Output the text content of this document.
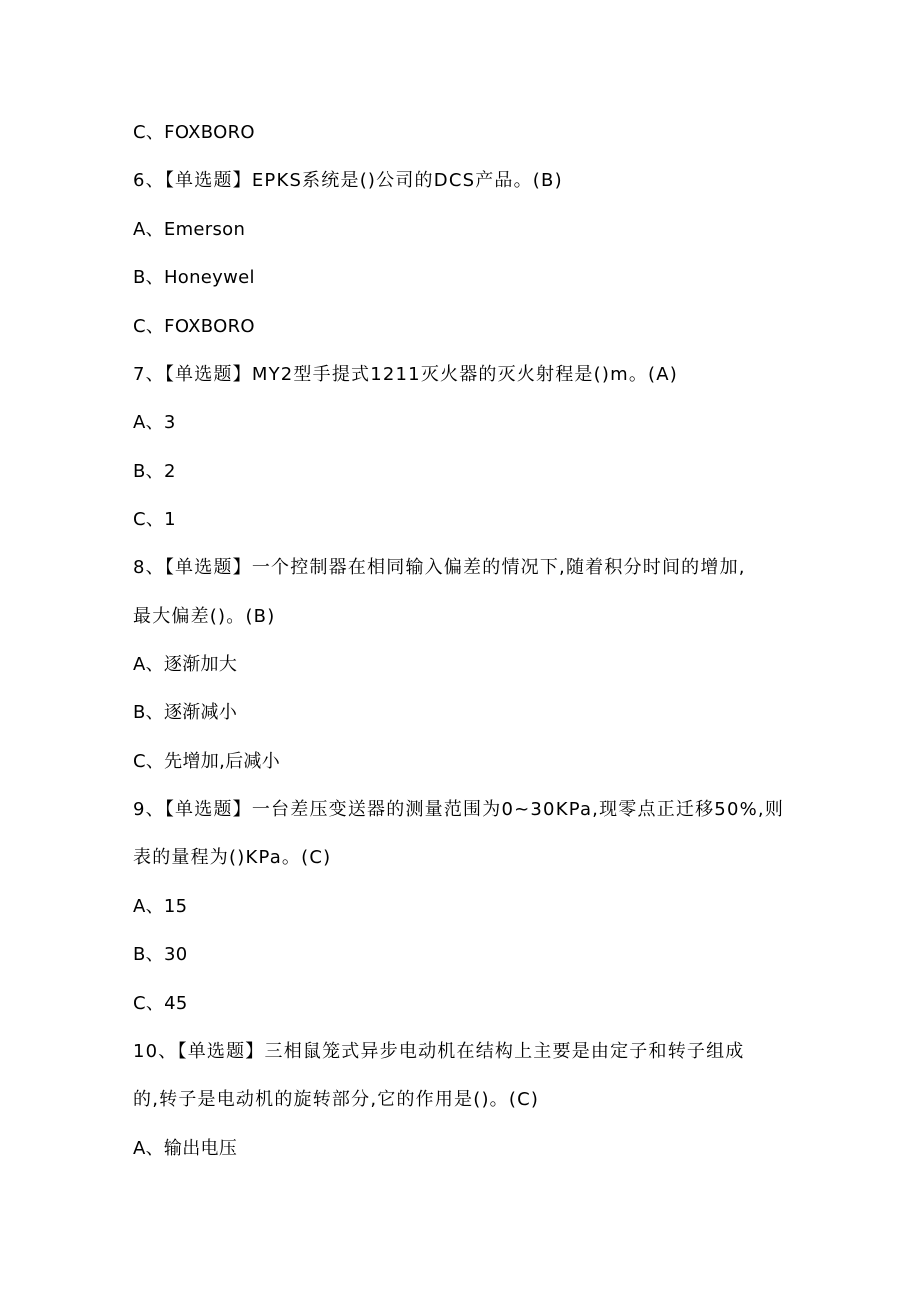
C、FOXBORO
6、【单选题】EPKS系统是()公司的DCS产品。(B)
A、Emerson
B、Honeywel
C、FOXBORO
7、【单选题】MY2型手提式1211灭火器的灭火射程是()m。(A)
A、3
B、2
C、1
8、【单选题】一个控制器在相同输入偏差的情况下,随着积分时间的增加,
最大偏差()。(B)
A、逐渐加大
B、逐渐减小
C、先增加,后减小
9、【单选题】一台差压变送器的测量范围为0~30KPa,现零点正迁移50%,则
表的量程为()KPa。(C)
A、15
B、30
C、45
10、【单选题】三相鼠笼式异步电动机在结构上主要是由定子和转子组成
的,转子是电动机的旋转部分,它的作用是()。(C)
A、输出电压
